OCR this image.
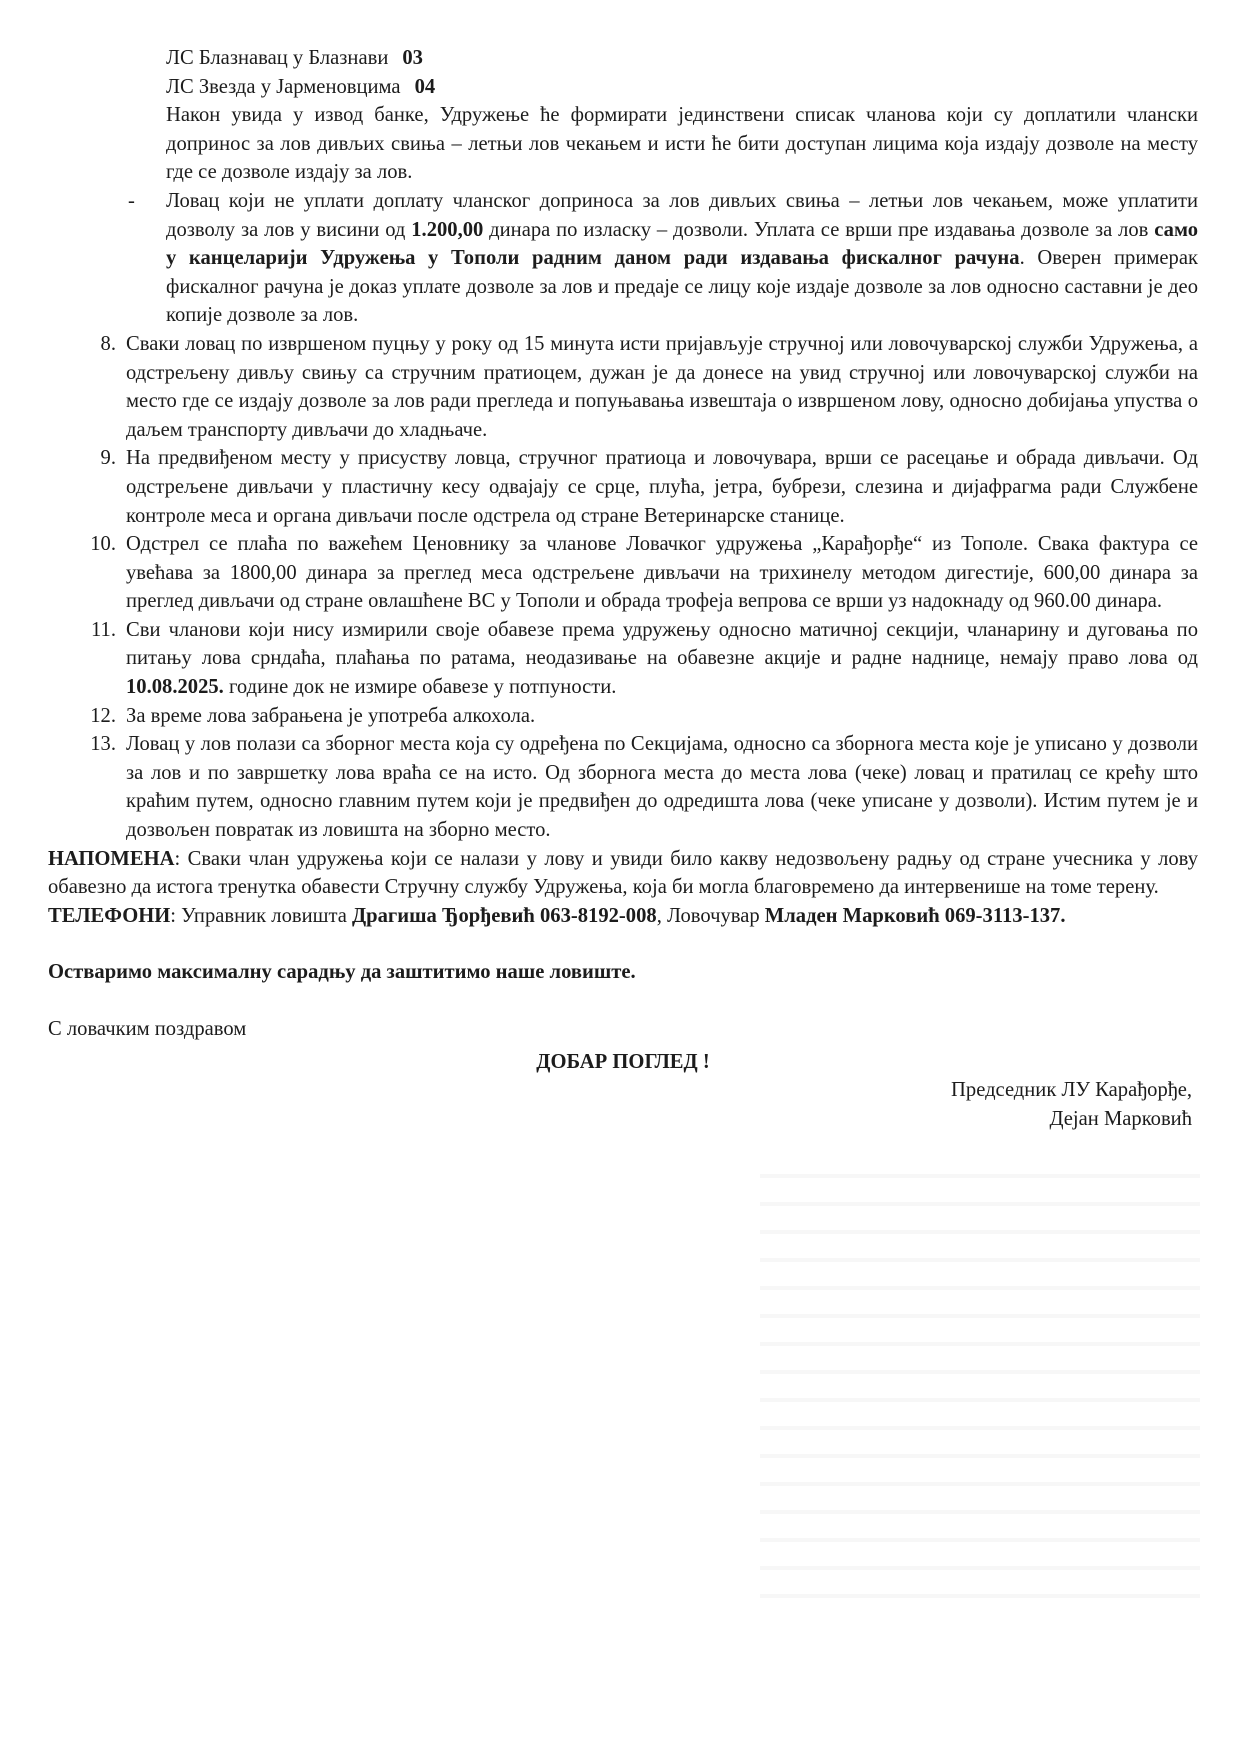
ЛС Блазнавац у Блазнави 03

ЛС Звезда у Јарменовцима 04

Након увида у извод банке, Удружење ће формирати јединствени списак чланова који су доплатили члански допринос за лов дивљих свиња – летњи лов чекањем и исти ће бити доступан лицима која издају дозволе на месту где се дозволе издају за лов.

- Ловац који не уплати доплату чланског доприноса за лов дивљих свиња – летњи лов чекањем, може уплатити дозволу за лов у висини од 1.200,00 динара по изласку – дозволи. Уплата се врши пре издавања дозволе за лов само у канцеларији Удружења у Тополи радним даном ради издавања фискалног рачуна. Оверен примерак фискалног рачуна је доказ уплате дозволе за лов и предаје се лицу које издаје дозволе за лов односно саставни је део копије дозволе за лов.

8. Сваки ловац по извршеном пуцњу у року од 15 минута исти пријављује стручној или ловочуварској служби Удружења, а одстрељену дивљу свињу са стручним пратиоцем, дужан је да донесе на увид стручној или ловочуварској служби на место где се издају дозволе за лов ради прегледа и попуњавања извештаја о извршеном лову, односно добијања упуства о даљем транспорту дивљачи до хладњаче.
9. На предвиђеном месту у присуству ловца, стручног пратиоца и ловочувара, врши се расецање и обрада дивљачи. Од одстрељене дивљачи у пластичну кесу одвајају се срце, плућа, јетра, бубрези, слезина и дијафрагма ради Службене контроле меса и органа дивљачи после одстрела од стране Ветеринарске станице.
10. Одстрел се плаћа по важећем Ценовнику за чланове Ловачког удружења „Карађорђе“ из Тополе. Свака фактура се увећава за 1800,00 динара за преглед меса одстрељене дивљачи на трихинелу методом дигестије, 600,00 динара за преглед дивљачи од стране овлашћене ВС у Тополи и обрада трофеја вепрова се врши уз надокнаду од 960.00 динара.
11. Сви чланови који нису измирили своје обавезе према удружењу односно матичној секцији, чланарину и дуговања по питању лова срндаћа, плаћања по ратама, неодазивање на обавезне акције и радне наднице, немају право лова од 10.08.2025. године док не измире обавезе у потпуности.
12. За време лова забрањена је употреба алкохола.
13. Ловац у лов полази са зборног места која су одређена по Секцијама, односно са зборнога места које је уписано у дозволи за лов и по завршетку лова враћа се на исто. Од зборнога места до места лова (чеке) ловац и пратилац се крећу што краћим путем, односно главним путем који је предвиђен до одредишта лова (чеке уписане у дозволи). Истим путем је и дозвољен повратак из ловишта на зборно место.

НАПОМЕНА: Сваки члан удружења који се налази у лову и увиди било какву недозвољену радњу од стране учесника у лову обавезно да истога тренутка обавести Стручну службу Удружења, која би могла благовремено да интервенише на томе терену.

ТЕЛЕФОНИ: Управник ловишта Драгиша Ђорђевић 063-8192-008, Ловочувар Младен Марковић 069-3113-137.

Остваримо максималну сарадњу да заштитимо наше ловиште.

С ловачким поздравом

ДОБАР ПОГЛЕД !

Председник ЛУ Карађорђе,

Дејан Марковић
